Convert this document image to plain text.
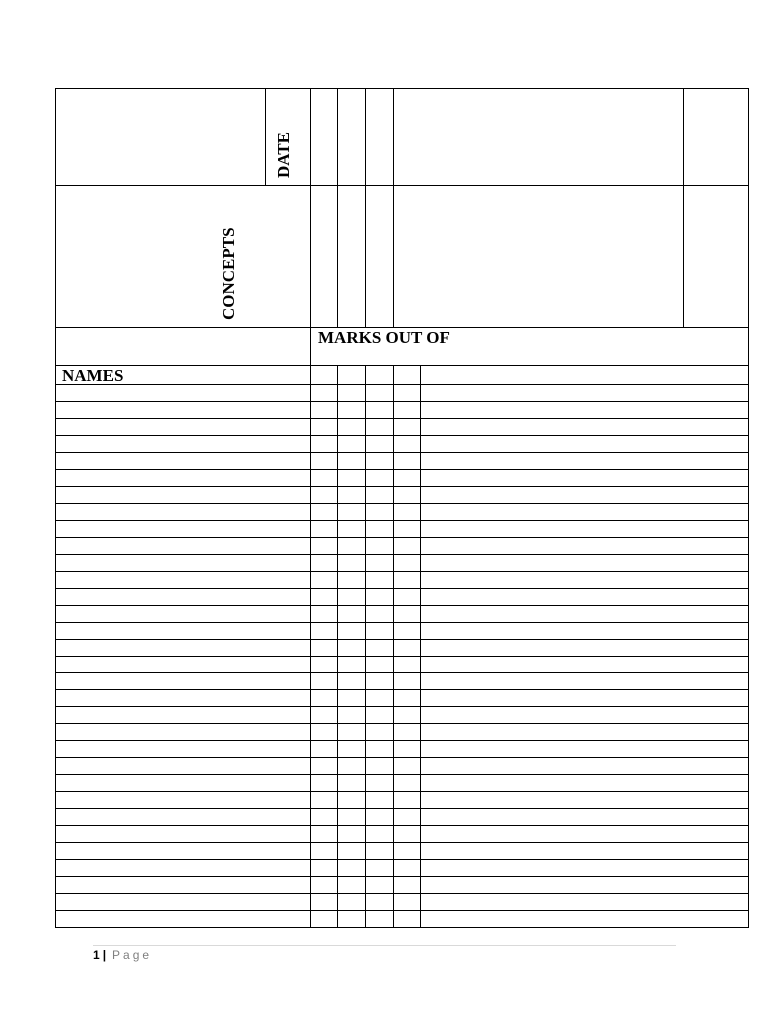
DATE
CONCEPTS
MARKS OUT OF
NAMES
1 | Page
